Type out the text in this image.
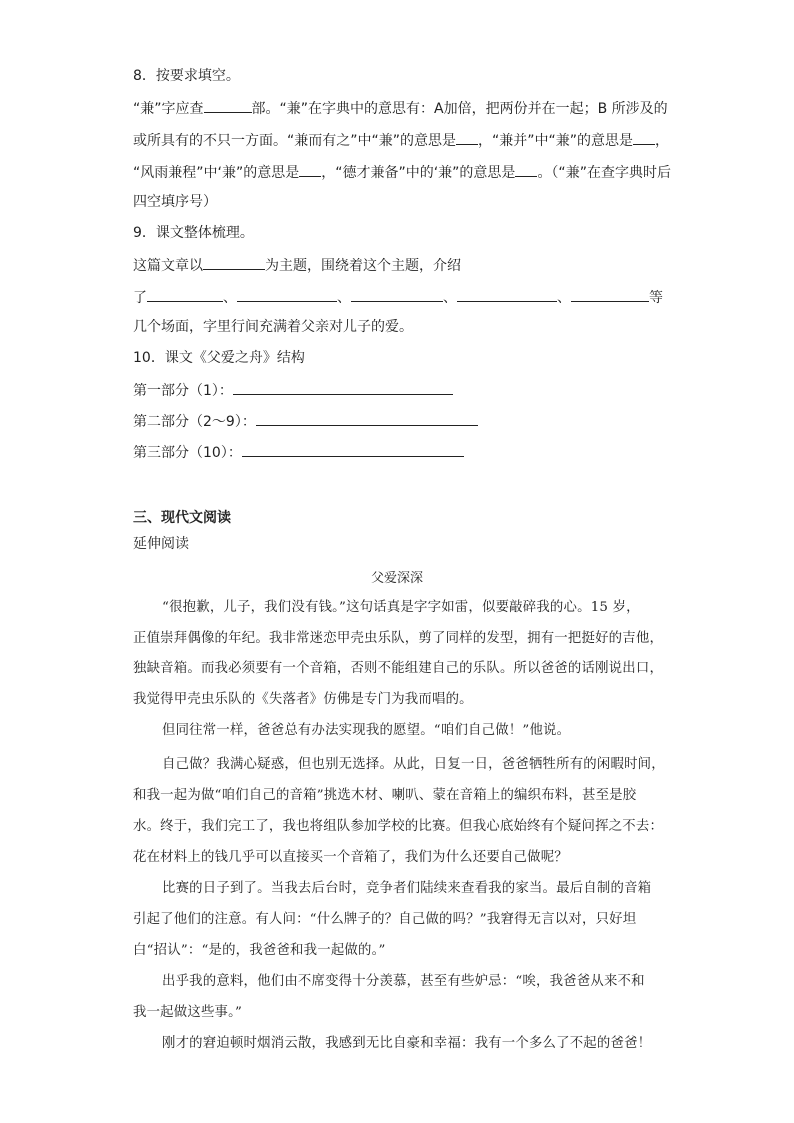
8．按要求填空。
“兼”字应查	部。“兼”在字典中的意思有：A加倍，把两份并在一起；B 所涉及的
或所具有的不只一方面。“兼而有之”中“兼”的意思是 ，“兼并”中“兼”的意思是 ，
“风雨兼程”中‘兼”的意思是 ，“德才兼备”中的‘兼”的意思是 。（“兼”在查字典时后
四空填序号）
9．课文整体梳理。
这篇文章以	为主题，围绕着这个主题，介绍
了	、	、	、	、	等
几个场面，字里行间充满着父亲对儿子的爱。
10．课文《父爱之舟》结构
第一部分（1）：
第二部分（2～9）：
第三部分（10）：
三、现代文阅读
延伸阅读
父爱深深
“很抱歉，儿子，我们没有钱。”这句话真是字字如雷，似要敲碎我的心。15 岁，
正值崇拜偶像的年纪。我非常迷恋甲壳虫乐队，剪了同样的发型，拥有一把挺好的吉他，
独缺音箱。而我必须要有一个音箱，否则不能组建自己的乐队。所以爸爸的话刚说出口，
我觉得甲壳虫乐队的《失落者》仿佛是专门为我而唱的。
但同往常一样，爸爸总有办法实现我的愿望。“咱们自己做！”他说。
自己做？我满心疑惑，但也别无选择。从此，日复一日，爸爸牺牲所有的闲暇时间，
和我一起为做“咱们自己的音箱”挑选木材、喇叭、蒙在音箱上的编织布料，甚至是胶
水。终于，我们完工了，我也将组队参加学校的比赛。但我心底始终有个疑问挥之不去：
花在材料上的钱几乎可以直接买一个音箱了，我们为什么还要自己做呢？
比赛的日子到了。当我去后台时，竞争者们陆续来查看我的家当。最后自制的音箱
引起了他们的注意。有人问：“什么牌子的？自己做的吗？”我窘得无言以对，只好坦
白“招认”：“是的，我爸爸和我一起做的。”
出乎我的意料，他们由不席变得十分羡慕，甚至有些妒忌：“唉，我爸爸从来不和
我一起做这些事。”
刚才的窘迫顿时烟消云散，我感到无比自豪和幸福：我有一个多么了不起的爸爸！
